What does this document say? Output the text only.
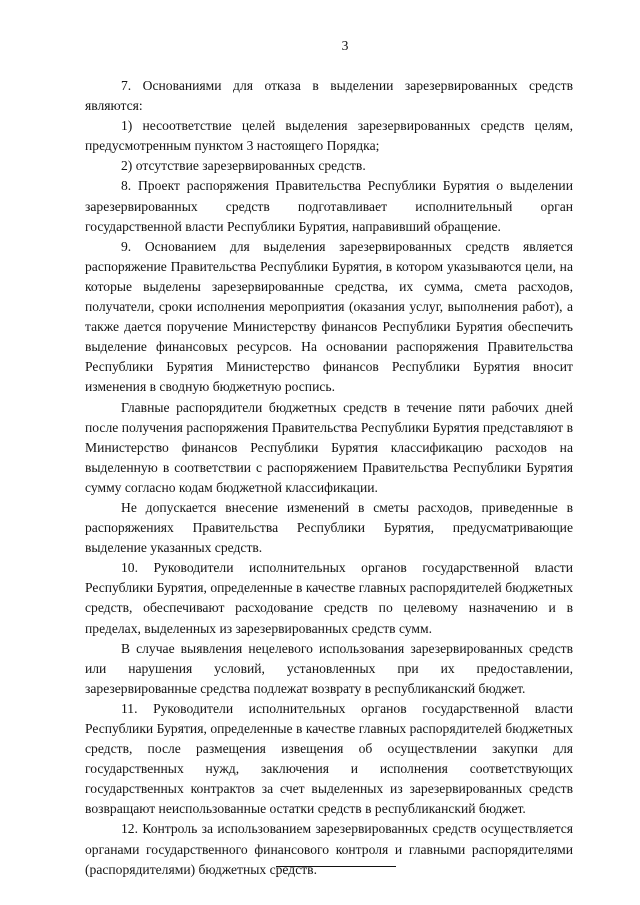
3

7. Основаниями для отказа в выделении зарезервированных средств являются:

1) несоответствие целей выделения зарезервированных средств целям, предусмотренным пунктом 3 настоящего Порядка;

2) отсутствие зарезервированных средств.

8. Проект распоряжения Правительства Республики Бурятия о выделении зарезервированных средств подготавливает исполнительный орган государственной власти Республики Бурятия, направивший обращение.

9. Основанием для выделения зарезервированных средств является распоряжение Правительства Республики Бурятия, в котором указываются цели, на которые выделены зарезервированные средства, их сумма, смета расходов, получатели, сроки исполнения мероприятия (оказания услуг, выполнения работ), а также дается поручение Министерству финансов Республики Бурятия обеспечить выделение финансовых ресурсов. На основании распоряжения Правительства Республики Бурятия Министерство финансов Республики Бурятия вносит изменения в сводную бюджетную роспись.

Главные распорядители бюджетных средств в течение пяти рабочих дней после получения распоряжения Правительства Республики Бурятия представляют в Министерство финансов Республики Бурятия классификацию расходов на выделенную в соответствии с распоряжением Правительства Республики Бурятия сумму согласно кодам бюджетной классификации.

Не допускается внесение изменений в сметы расходов, приведенные в распоряжениях Правительства Республики Бурятия, предусматривающие выделение указанных средств.

10. Руководители исполнительных органов государственной власти Республики Бурятия, определенные в качестве главных распорядителей бюджетных средств, обеспечивают расходование средств по целевому назначению и в пределах, выделенных из зарезервированных средств сумм.

В случае выявления нецелевого использования зарезервированных средств или нарушения условий, установленных при их предоставлении, зарезервированные средства подлежат возврату в республиканский бюджет.

11. Руководители исполнительных органов государственной власти Республики Бурятия, определенные в качестве главных распорядителей бюджетных средств, после размещения извещения об осуществлении закупки для государственных нужд, заключения и исполнения соответствующих государственных контрактов за счет выделенных из зарезервированных средств возвращают неиспользованные остатки средств в республиканский бюджет.

12. Контроль за использованием зарезервированных средств осуществляется органами государственного финансового контроля и главными распорядителями (распорядителями) бюджетных средств.
